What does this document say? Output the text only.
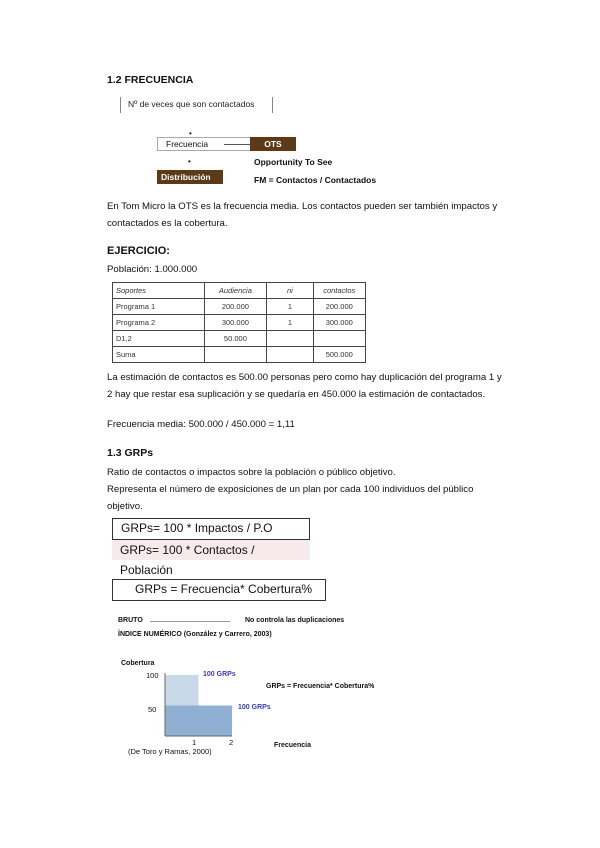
1.2 FRECUENCIA
Nº de veces que son contactados
•
Frecuencia	OTS
Opportunity To See
•
Distribución	FM = Contactos / Contactados
En Tom Micro la OTS es la frecuencia media. Los contactos pueden ser también impactos y
contactados es la cobertura.
EJERCICIO:
Población: 1.000.000
Soportes	Audiencia	ni	contactos
Programa 1	200.000	1	200.000
Programa 2	300.000	1	300.000
D1,2	50.000		
Suma			500.000
La estimación de contactos es 500.00 personas pero como hay duplicación del programa 1 y
2 hay que restar esa suplicación y se quedaría en 450.000 la estimación de contactados.
Frecuencia media: 500.000 / 450.000 = 1,11
1.3 GRPs
Ratio de contactos o impactos sobre la población o público objetivo.
Representa el número de exposiciones de un plan por cada 100 individuos del público
objetivo.
GRPs= 100 * Impactos / P.O
GRPs= 100 * Contactos / Población
GRPs = Frecuencia* Cobertura%
BRUTO	No controla las duplicaciones
ÍNDICE NUMÉRICO (González y Carrero, 2003)
Cobertura
100
50
1	2
100 GRPs
100 GRPs
GRPs = Frecuencia* Cobertura%
Frecuencia
(De Toro y Ramas, 2000)
